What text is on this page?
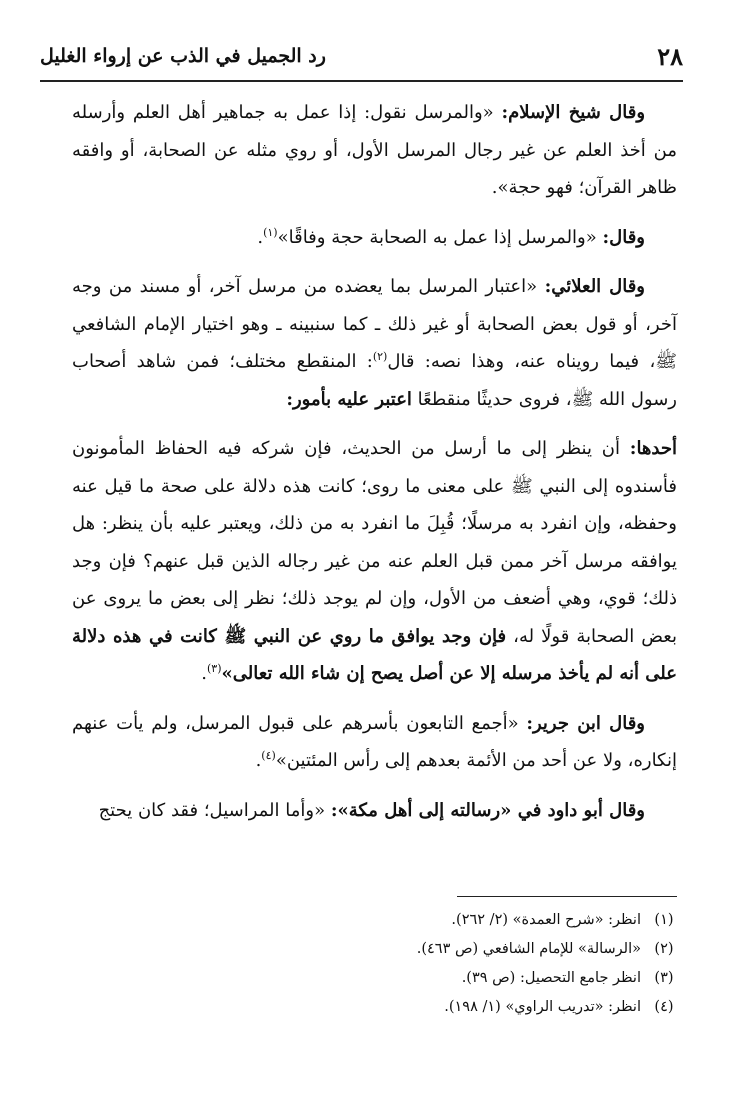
٢٨
رد الجميل في الذب عن إرواء الغليل

وقال شيخ الإسلام: «والمرسل نقول: إذا عمل به جماهير أهل العلم وأرسله من أخذ العلم عن غير رجال المرسل الأول، أو روي مثله عن الصحابة، أو وافقه ظاهر القرآن؛ فهو حجة».

وقال: «والمرسل إذا عمل به الصحابة حجة وفاقًا»$^{(١)}$.

وقال العلائي: «اعتبار المرسل بما يعضده من مرسل آخر، أو مسند من وجه آخر، أو قول بعض الصحابة أو غير ذلك ـ كما سنبينه ـ وهو اختيار الإمام الشافعي ﷺ، فيما رويناه عنه، وهذا نصه: قال$^{(٢)}$: المنقطع مختلف؛ فمن شاهد أصحاب رسول الله ﷺ، فروى حديثًا منقطعًا اعتبر عليه بأمور:

أحدها: أن ينظر إلى ما أرسل من الحديث، فإن شركه فيه الحفاظ المأمونون فأسندوه إلى النبي ﷺ على معنى ما روى؛ كانت هذه دلالة على صحة ما قيل عنه وحفظه، وإن انفرد به مرسلًا؛ قُبِلَ ما انفرد به من ذلك، ويعتبر عليه بأن ينظر: هل يوافقه مرسل آخر ممن قبل العلم عنه من غير رجاله الذين قبل عنهم؟ فإن وجد ذلك؛ قوي، وهي أضعف من الأول، وإن لم يوجد ذلك؛ نظر إلى بعض ما يروى عن بعض الصحابة قولًا له، فإن وجد يوافق ما روي عن النبي ﷺ كانت في هذه دلالة على أنه لم يأخذ مرسله إلا عن أصل يصح إن شاء الله تعالى»$^{(٣)}$.

وقال ابن جرير: «أجمع التابعون بأسرهم على قبول المرسل، ولم يأت عنهم إنكاره، ولا عن أحد من الأئمة بعدهم إلى رأس المئتين»$^{(٤)}$.

وقال أبو داود في «رسالته إلى أهل مكة»: «وأما المراسيل؛ فقد كان يحتج

(١)
انظر: «شرح العمدة» (٢/ ٢٦٢).
(٢)
«الرسالة» للإمام الشافعي (ص ٤٦٣).
(٣)
انظر جامع التحصيل: (ص ٣٩).
(٤)
انظر: «تدريب الراوي» (١/ ١٩٨).
